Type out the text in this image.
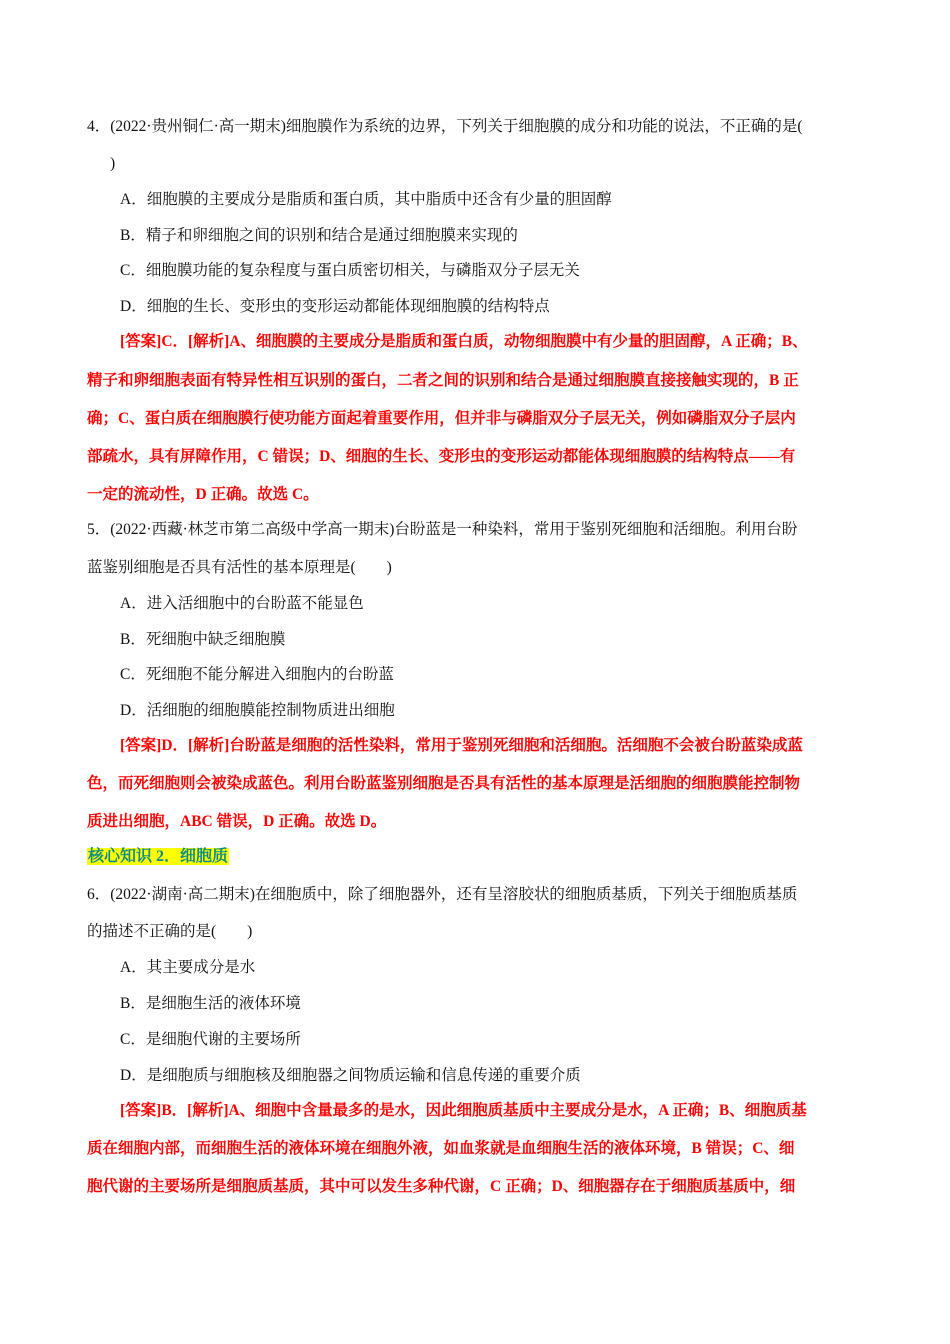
4．(2022·贵州铜仁·高一期末)细胞膜作为系统的边界，下列关于细胞膜的成分和功能的说法，不正确的是(
)
A．细胞膜的主要成分是脂质和蛋白质，其中脂质中还含有少量的胆固醇
B．精子和卵细胞之间的识别和结合是通过细胞膜来实现的
C．细胞膜功能的复杂程度与蛋白质密切相关，与磷脂双分子层无关
D．细胞的生长、变形虫的变形运动都能体现细胞膜的结构特点
[答案]C．[解析]A、细胞膜的主要成分是脂质和蛋白质，动物细胞膜中有少量的胆固醇，A 正确；B、
精子和卵细胞表面有特异性相互识别的蛋白，二者之间的识别和结合是通过细胞膜直接接触实现的，B 正
确；C、蛋白质在细胞膜行使功能方面起着重要作用，但并非与磷脂双分子层无关，例如磷脂双分子层内
部疏水，具有屏障作用，C 错误；D、细胞的生长、变形虫的变形运动都能体现细胞膜的结构特点——有
一定的流动性，D 正确。故选 C。
5．(2022·西藏·林芝市第二高级中学高一期末)台盼蓝是一种染料，常用于鉴别死细胞和活细胞。利用台盼
蓝鉴别细胞是否具有活性的基本原理是(　　)
A．进入活细胞中的台盼蓝不能显色
B．死细胞中缺乏细胞膜
C．死细胞不能分解进入细胞内的台盼蓝
D．活细胞的细胞膜能控制物质进出细胞
[答案]D．[解析]台盼蓝是细胞的活性染料，常用于鉴别死细胞和活细胞。活细胞不会被台盼蓝染成蓝
色，而死细胞则会被染成蓝色。利用台盼蓝鉴别细胞是否具有活性的基本原理是活细胞的细胞膜能控制物
质进出细胞，ABC 错误，D 正确。故选 D。
核心知识 2．细胞质
6．(2022·湖南·高二期末)在细胞质中，除了细胞器外，还有呈溶胶状的细胞质基质，下列关于细胞质基质
的描述不正确的是(　　)
A．其主要成分是水
B．是细胞生活的液体环境
C．是细胞代谢的主要场所
D．是细胞质与细胞核及细胞器之间物质运输和信息传递的重要介质
[答案]B．[解析]A、细胞中含量最多的是水，因此细胞质基质中主要成分是水，A 正确；B、细胞质基
质在细胞内部，而细胞生活的液体环境在细胞外液，如血浆就是血细胞生活的液体环境，B 错误；C、细
胞代谢的主要场所是细胞质基质，其中可以发生多种代谢，C 正确；D、细胞器存在于细胞质基质中，细
